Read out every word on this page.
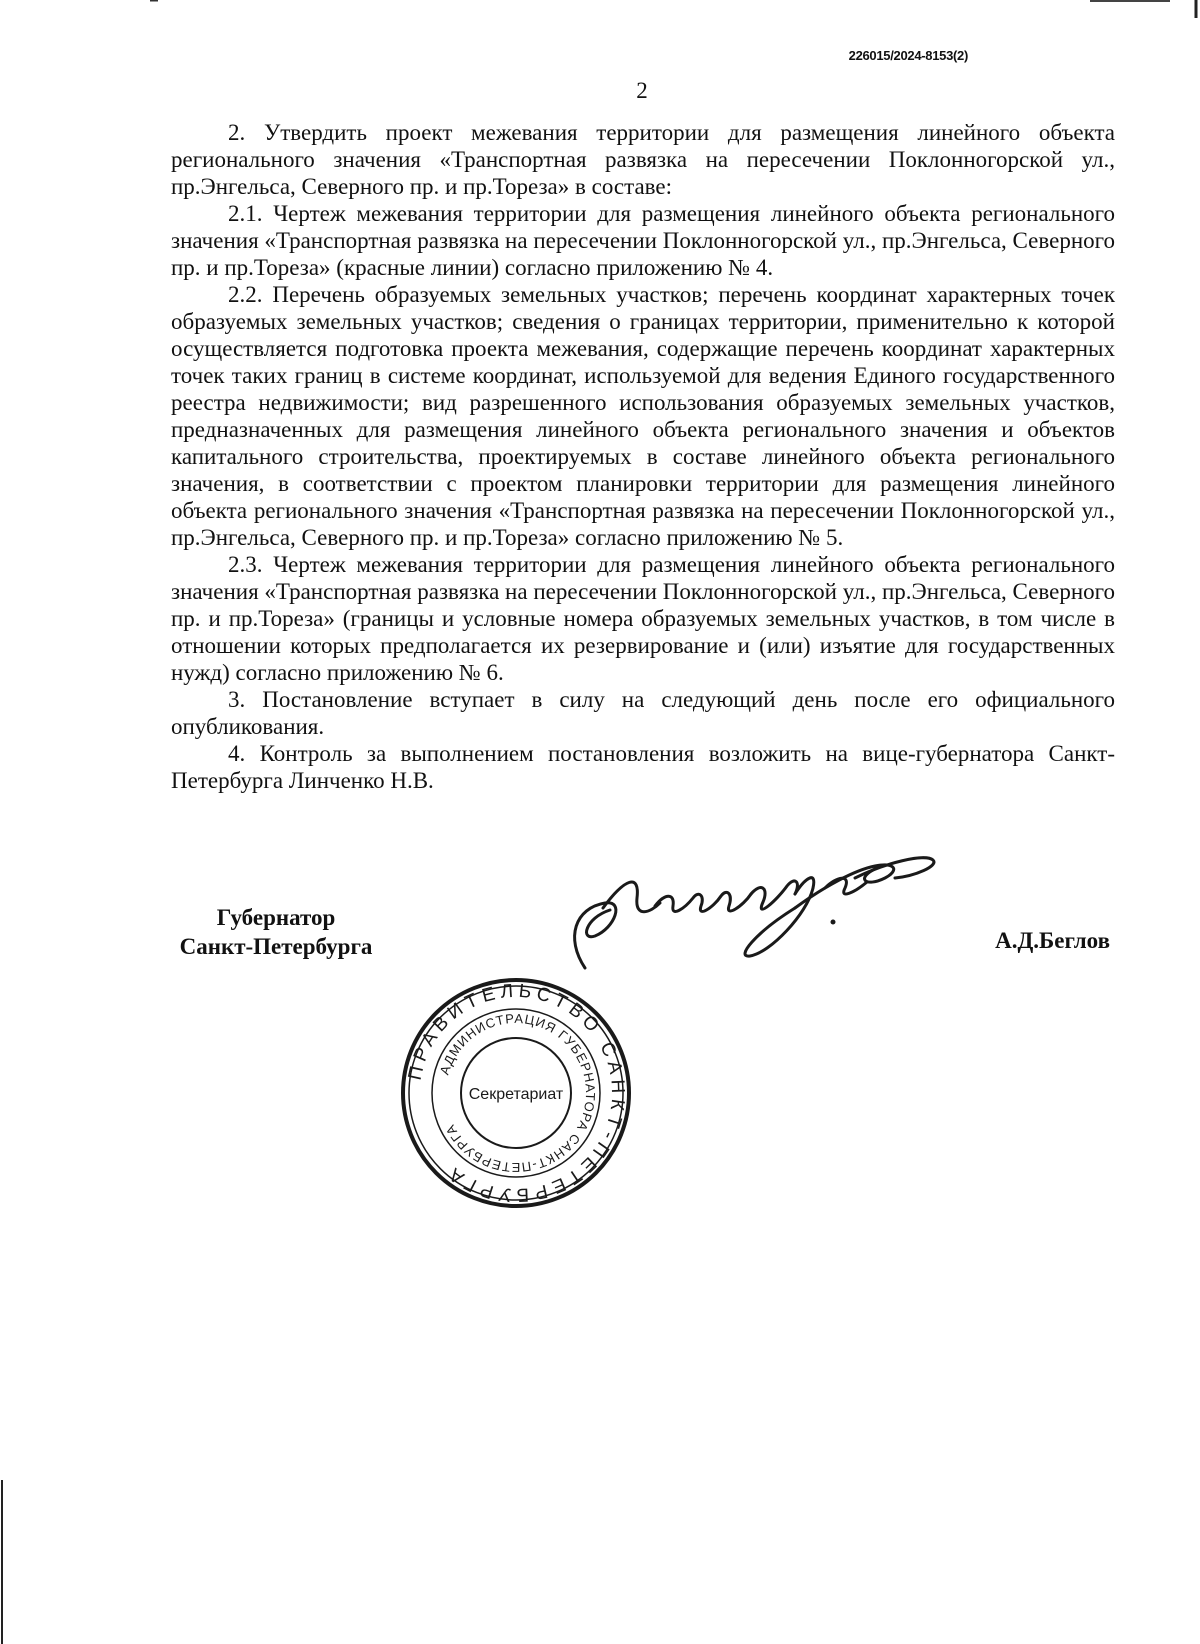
226015/2024-8153(2)
2

2. Утвердить проект межевания территории для размещения линейного объекта регионального значения «Транспортная развязка на пересечении Поклонногорской ул., пр.Энгельса, Северного пр. и пр.Тореза» в составе:

2.1. Чертеж межевания территории для размещения линейного объекта регионального значения «Транспортная развязка на пересечении Поклонногорской ул., пр.Энгельса, Северного пр. и пр.Тореза» (красные линии) согласно приложению № 4.

2.2. Перечень образуемых земельных участков; перечень координат характерных точек образуемых земельных участков; сведения о границах территории, применительно к которой осуществляется подготовка проекта межевания, содержащие перечень координат характерных точек таких границ в системе координат, используемой для ведения Единого государственного реестра недвижимости; вид разрешенного использования образуемых земельных участков, предназначенных для размещения линейного объекта регионального значения и объектов капитального строительства, проектируемых в составе линейного объекта регионального значения, в соответствии с проектом планировки территории для размещения линейного объекта регионального значения «Транспортная развязка на пересечении Поклонногорской ул., пр.Энгельса, Северного пр. и пр.Тореза» согласно приложению № 5.

2.3. Чертеж межевания территории для размещения линейного объекта регионального значения «Транспортная развязка на пересечении Поклонногорской ул., пр.Энгельса, Северного пр. и пр.Тореза» (границы и условные номера образуемых земельных участков, в том числе в отношении которых предполагается их резервирование и (или) изъятие для государственных нужд) согласно приложению № 6.

3. Постановление вступает в силу на следующий день после его официального опубликования.

4. Контроль за выполнением постановления возложить на вице-губернатора Санкт-Петербурга Линченко Н.В.

Губернатор
Санкт-Петербурга	А.Д.Беглов
ПРАВИТЕЛЬСТВО САНКТ-ПЕТЕРБУРГА
АДМИНИСТРАЦИЯ ГУБЕРНАТОРА САНКТ-ПЕТЕРБУРГА
Секретариат
